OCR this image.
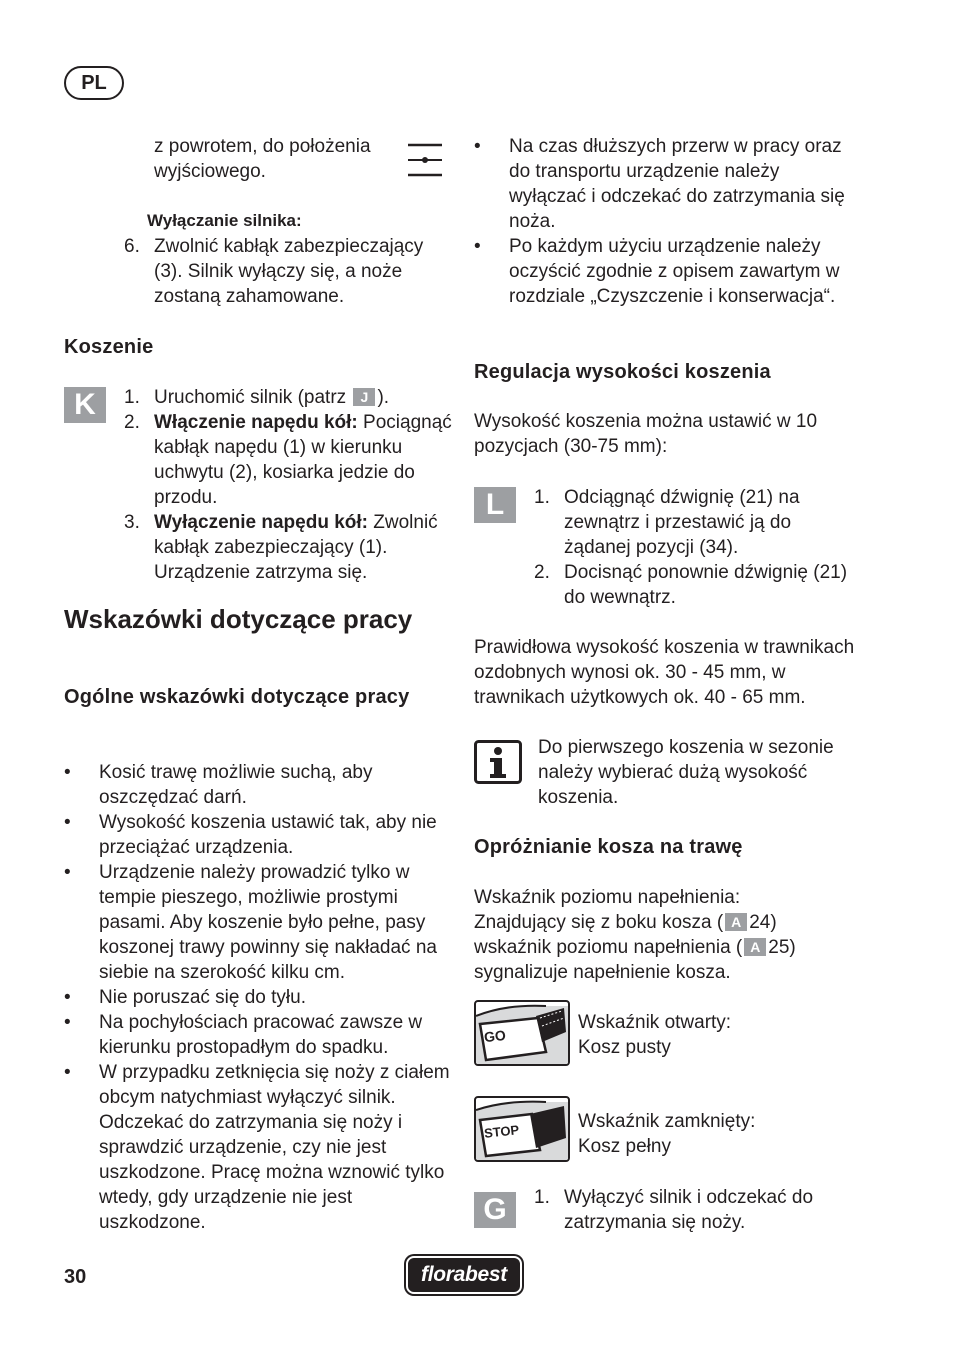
PL
z powrotem, do położenia wyjściowego.
Wyłączanie silnika:
6. Zwolnić kabłąk zabezpieczający (3). Silnik wyłączy się, a noże zostaną zahamowane.
Koszenie
K	1. Uruchomić silnik (patrz J ).
2. Włączenie napędu kół: Pociągnąć kabłąk napędu (1) w kierunku uchwytu (2), kosiarka jedzie do przodu.
3. Wyłączenie napędu kół: Zwolnić kabłąk zabezpieczający (1). Urządzenie zatrzyma się.
Wskazówki dotyczące pracy
Ogólne wskazówki dotyczące pracy
• Kosić trawę możliwie suchą, aby oszczędzać darń.
• Wysokość koszenia ustawić tak, aby nie przeciążać urządzenia.
• Urządzenie należy prowadzić tylko w tempie pieszego, możliwie prostymi pasami. Aby koszenie było pełne, pasy koszonej trawy powinny się nakładać na siebie na szerokość kilku cm.
• Nie poruszać się do tyłu.
• Na pochyłościach pracować zawsze w kierunku prostopadłym do spadku.
• W przypadku zetknięcia się noży z ciałem obcym natychmiast wyłączyć silnik. Odczekać do zatrzymania się noży i sprawdzić urządzenie, czy nie jest uszkodzone. Pracę można wznowić tylko wtedy, gdy urządzenie nie jest uszkodzone.
• Na czas dłuższych przerw w pracy oraz do transportu urządzenie należy wyłączać i odczekać do zatrzymania się noża.
• Po każdym użyciu urządzenie należy oczyścić zgodnie z opisem zawartym w rozdziale „Czyszczenie i konserwacja“.
Regulacja wysokości koszenia
Wysokość koszenia można ustawić w 10 pozycjach (30-75 mm):
L	1. Odciągnąć dźwignię (21) na zewnątrz i przestawić ją do żądanej pozycji (34).
2. Docisnąć ponownie dźwignię (21) do wewnątrz.
Prawidłowa wysokość koszenia w trawnikach ozdobnych wynosi ok. 30 - 45 mm, w trawnikach użytkowych ok. 40 - 65 mm.
Do pierwszego koszenia w sezonie należy wybierać dużą wysokość koszenia.
Opróżnianie kosza na trawę
Wskaźnik poziomu napełnienia:
Znajdujący się z boku kosza ( A 24)
wskaźnik poziomu napełnienia ( A 25)
sygnalizuje napełnienie kosza.
GO
Wskaźnik otwarty:
Kosz pusty
STOP	Wskaźnik zamknięty:
Kosz pełny
G	1. Wyłączyć silnik i odczekać do zatrzymania się noży.
30	florabest
